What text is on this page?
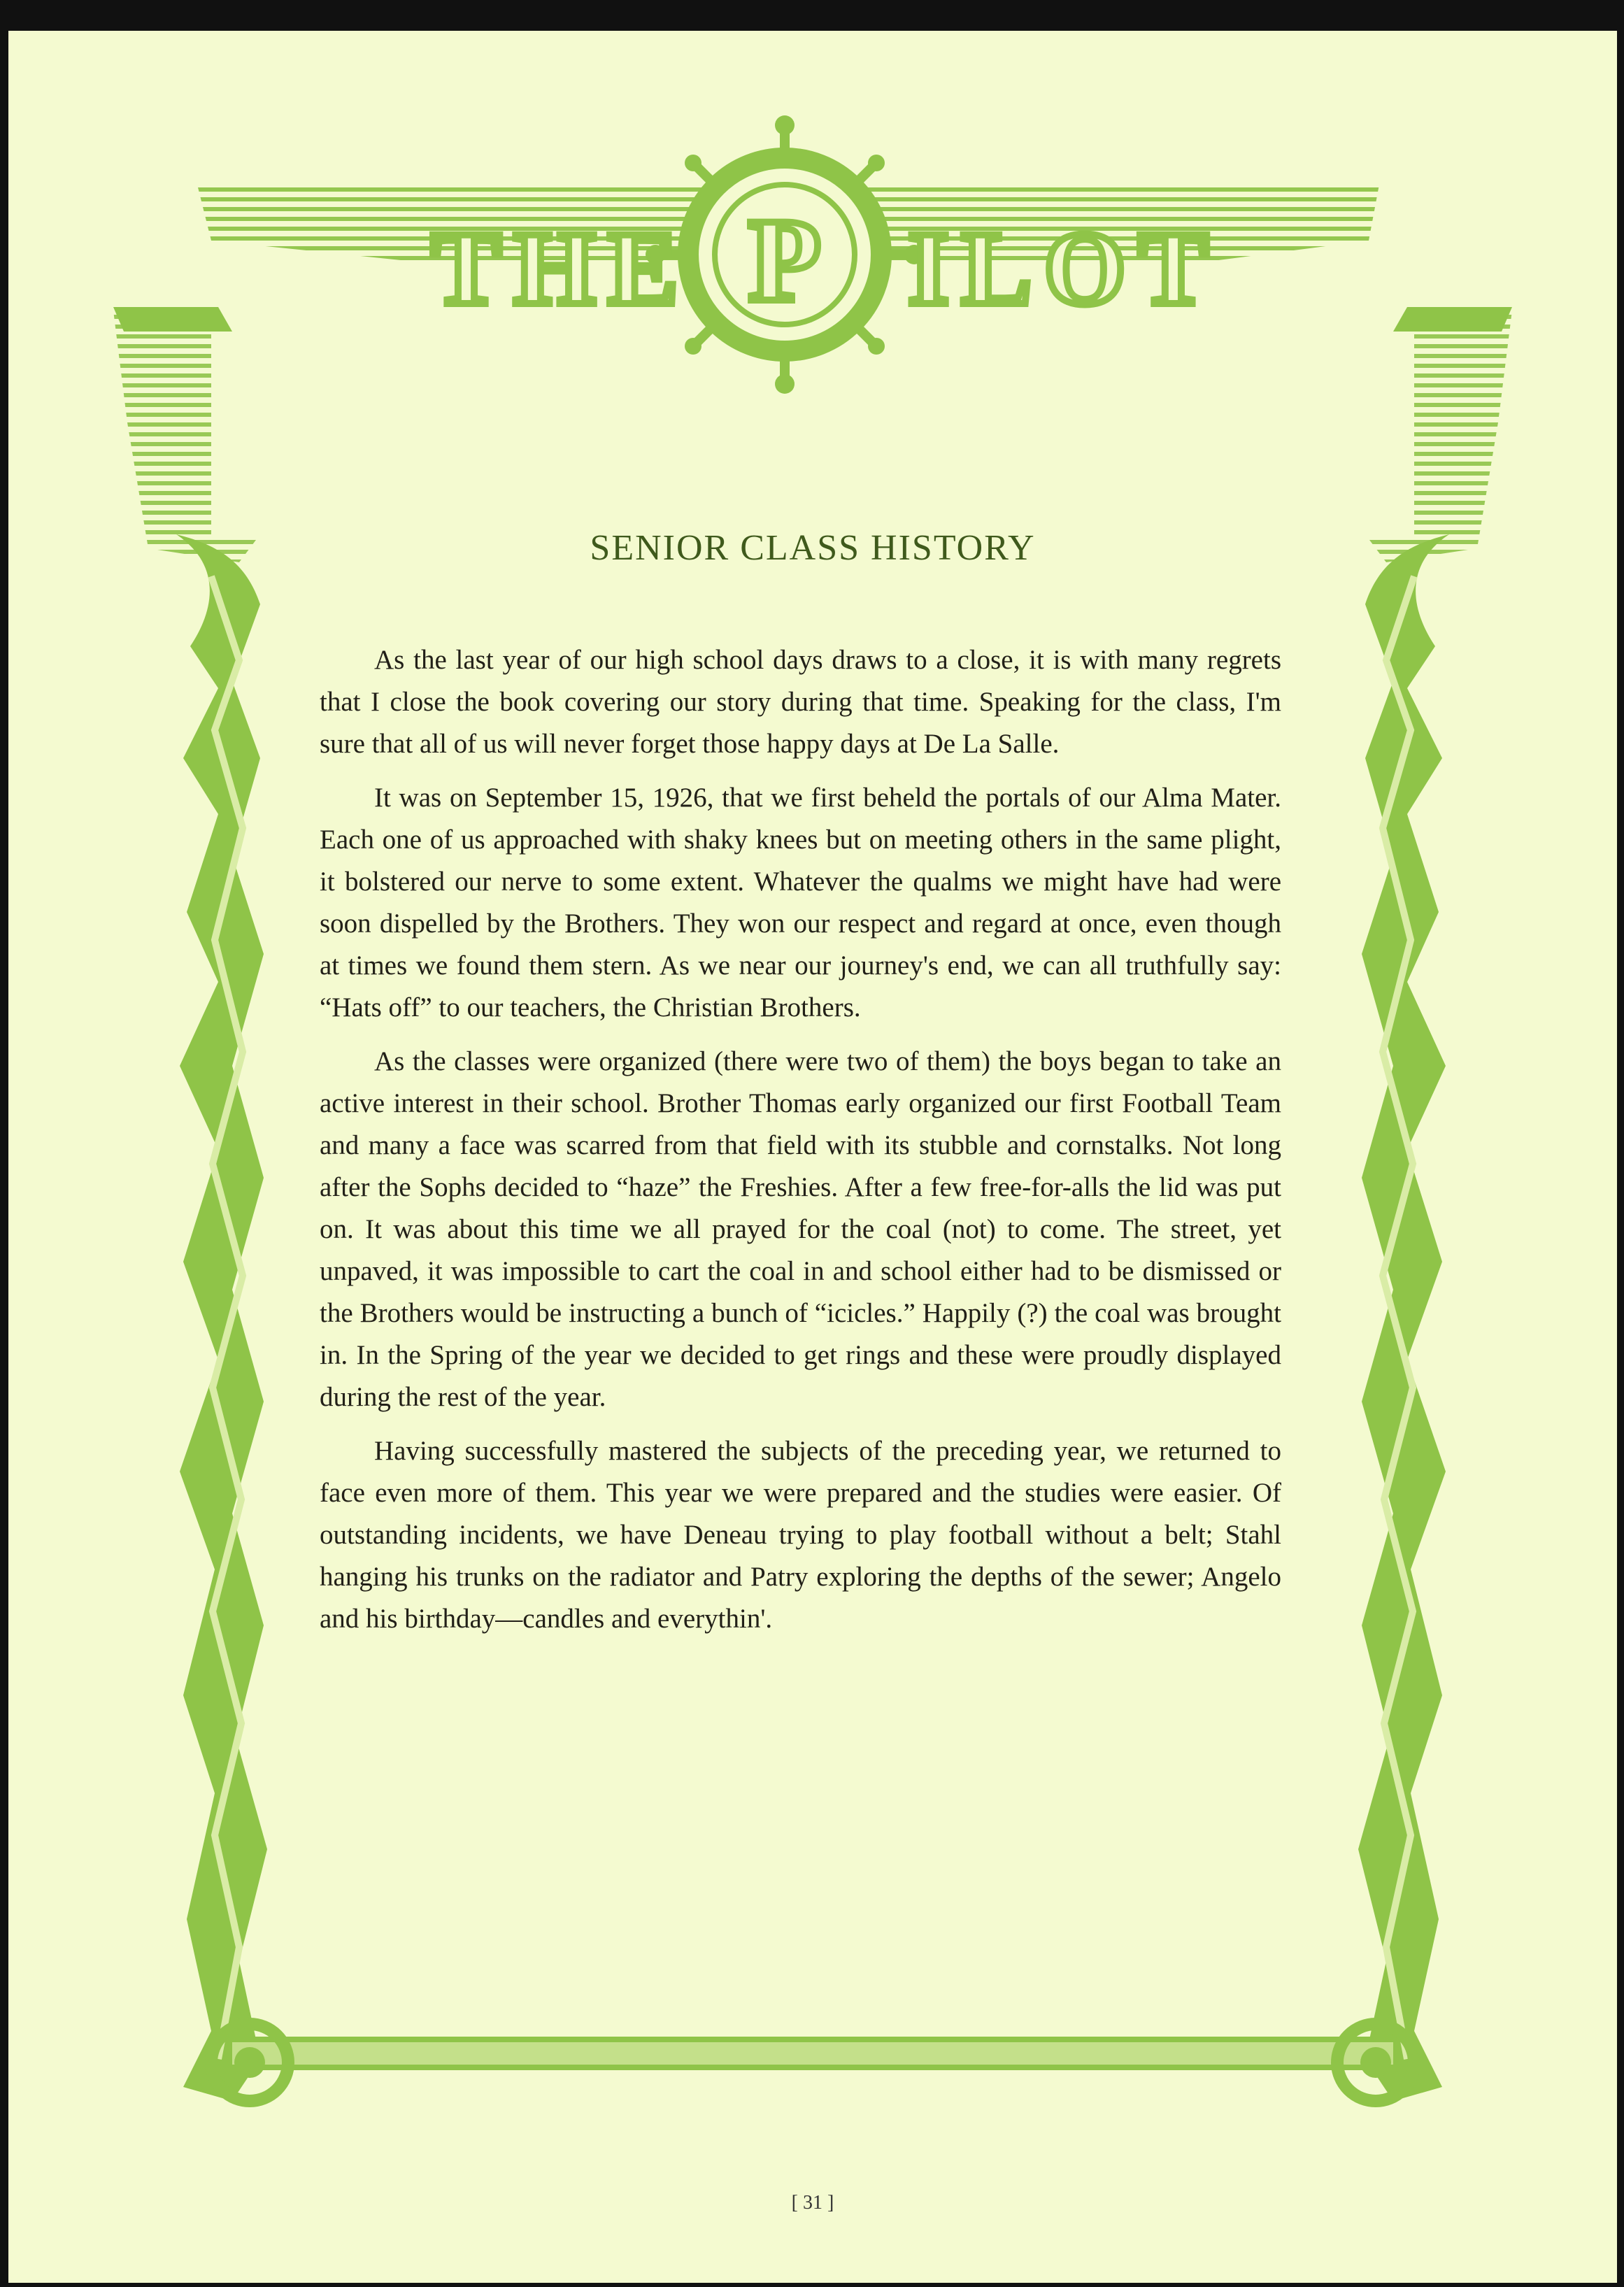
THE P ILOT
SENIOR CLASS HISTORY

As the last year of our high school days draws to a close, it is with many regrets that I close the book covering our story during that time. Speaking for the class, I'm sure that all of us will never forget those happy days at De La Salle.

It was on September 15, 1926, that we first beheld the portals of our Alma Mater. Each one of us approached with shaky knees but on meeting others in the same plight, it bolstered our nerve to some extent. Whatever the qualms we might have had were soon dispelled by the Brothers. They won our respect and regard at once, even though at times we found them stern. As we near our journey's end, we can all truthfully say: “Hats off” to our teachers, the Christian Brothers.

As the classes were organized (there were two of them) the boys began to take an active interest in their school. Brother Thomas early organized our first Football Team and many a face was scarred from that field with its stubble and cornstalks. Not long after the Sophs decided to “haze” the Freshies. After a few free-for-alls the lid was put on. It was about this time we all prayed for the coal (not) to come. The street, yet unpaved, it was impossible to cart the coal in and school either had to be dismissed or the Brothers would be instructing a bunch of “icicles.” Happily (?) the coal was brought in. In the Spring of the year we decided to get rings and these were proudly displayed during the rest of the year.

Having successfully mastered the subjects of the preceding year, we returned to face even more of them. This year we were prepared and the studies were easier. Of outstanding incidents, we have Deneau trying to play football without a belt; Stahl hanging his trunks on the radiator and Patry exploring the depths of the sewer; Angelo and his birthday—candles and everythin'.

[ 31 ]
